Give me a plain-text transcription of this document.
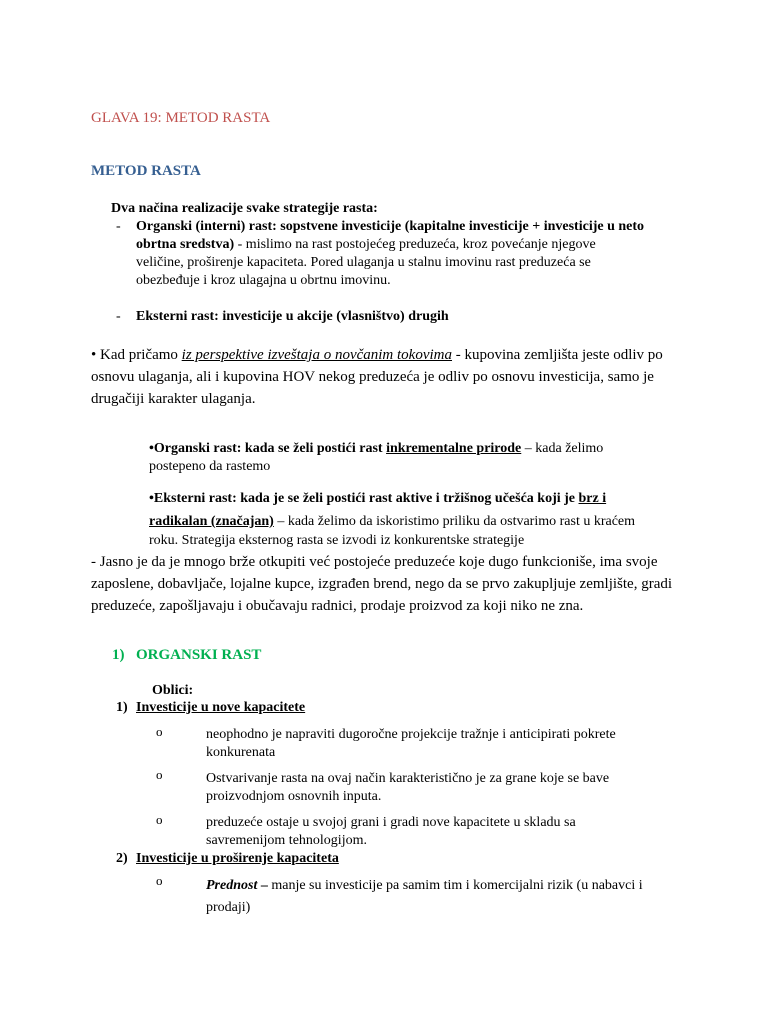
GLAVA 19: METOD RASTA
METOD RASTA
Dva načina realizacije svake strategije rasta:
- Organski (interni) rast: sopstvene investicije (kapitalne investicije + investicije u neto
obrtna sredstva) - mislimo na rast postojećeg preduzeća, kroz povećanje njegove
veličine, proširenje kapaciteta. Pored ulaganja u stalnu imovinu rast preduzeća se
obezbeđuje i kroz ulagajna u obrtnu imovinu.
- Eksterni rast: investicije u akcije (vlasništvo) drugih
• Kad pričamo iz perspektive izveštaja o novčanim tokovima - kupovina zemljišta jeste odliv po
osnovu ulaganja, ali i kupovina HOV nekog preduzeća je odliv po osnovu investicija, samo je
drugačiji karakter ulaganja.
•Organski rast: kada se želi postići rast inkrementalne prirode – kada želimo
postepeno da rastemo
•Eksterni rast: kada je se želi postići rast aktive i tržišnog učešća koji je brz i
radikalan (značajan) – kada želimo da iskoristimo priliku da ostvarimo rast u kraćem
roku. Strategija eksternog rasta se izvodi iz konkurentske strategije
- Jasno je da je mnogo brže otkupiti već postojeće preduzeće koje dugo funkcioniše, ima svoje
zaposlene, dobavljače, lojalne kupce, izgrađen brend, nego da se prvo zakupljuje zemljište, gradi
preduzeće, zapošljavaju i obučavaju radnici, prodaje proizvod za koji niko ne zna.
1) ORGANSKI RAST
Oblici:
1) Investicije u nove kapacitete
o	neophodno je napraviti dugoročne projekcije tražnje i anticipirati pokrete
konkurenata
o	Ostvarivanje rasta na ovaj način karakteristično je za grane koje se bave
proizvodnjom osnovnih inputa.
o	preduzeće ostaje u svojoj grani i gradi nove kapacitete u skladu sa
savremenijom tehnologijom.
2) Investicije u proširenje kapaciteta
o	Prednost – manje su investicije pa samim tim i komercijalni rizik (u nabavci i
prodaji)
